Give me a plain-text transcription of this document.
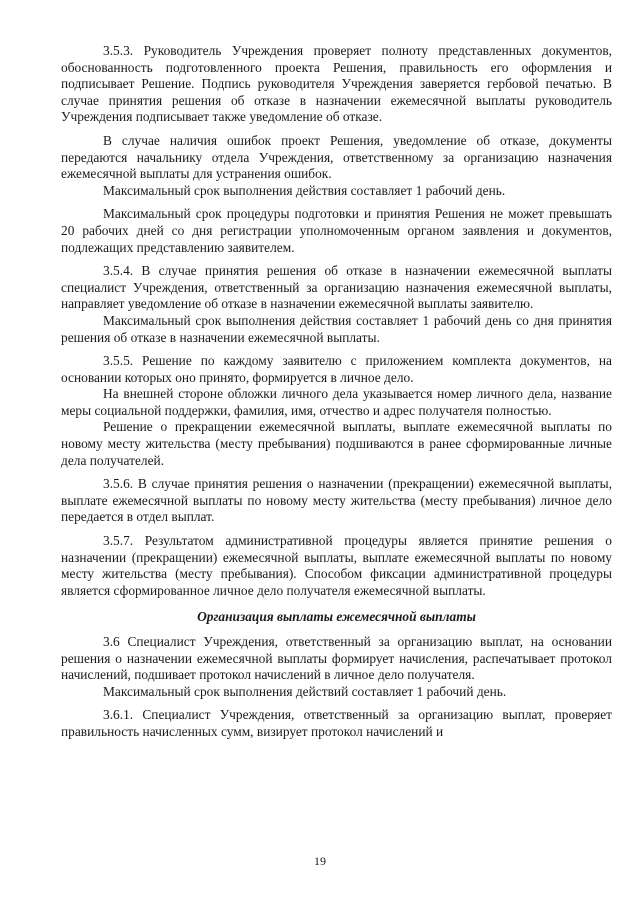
3.5.3. Руководитель Учреждения проверяет полноту представленных документов, обоснованность подготовленного проекта Решения, правильность его оформления и подписывает Решение. Подпись руководителя Учреждения заверяется гербовой печатью. В случае принятия решения об отказе в назначении ежемесячной выплаты руководитель Учреждения подписывает также уведомление об отказе.

В случае наличия ошибок проект Решения, уведомление об отказе, документы передаются начальнику отдела Учреждения, ответственному за организацию назначения ежемесячной выплаты для устранения ошибок.

Максимальный срок выполнения действия составляет 1 рабочий день.

Максимальный срок процедуры подготовки и принятия Решения не может превышать 20 рабочих дней со дня регистрации уполномоченным органом заявления и документов, подлежащих представлению заявителем.

3.5.4. В случае принятия решения об отказе в назначении ежемесячной выплаты специалист Учреждения, ответственный за организацию назначения ежемесячной выплаты, направляет уведомление об отказе в назначении ежемесячной выплаты заявителю.

Максимальный срок выполнения действия составляет 1 рабочий день со дня принятия решения об отказе в назначении ежемесячной выплаты.

3.5.5. Решение по каждому заявителю с приложением комплекта документов, на основании которых оно принято, формируется в личное дело.

На внешней стороне обложки личного дела указывается номер личного дела, название меры социальной поддержки, фамилия, имя, отчество и адрес получателя полностью.

Решение о прекращении ежемесячной выплаты, выплате ежемесячной выплаты по новому месту жительства (месту пребывания) подшиваются в ранее сформированные личные дела получателей.

3.5.6. В случае принятия решения о назначении (прекращении) ежемесячной выплаты, выплате ежемесячной выплаты по новому месту жительства (месту пребывания) личное дело передается в отдел выплат.

3.5.7. Результатом административной процедуры является принятие решения о назначении (прекращении) ежемесячной выплаты, выплате ежемесячной выплаты по новому месту жительства (месту пребывания). Способом фиксации административной процедуры является сформированное личное дело получателя ежемесячной выплаты.

Организация выплаты ежемесячной выплаты

3.6 Специалист Учреждения, ответственный за организацию выплат, на основании решения о назначении ежемесячной выплаты формирует начисления, распечатывает протокол начислений, подшивает протокол начислений в личное дело получателя.

Максимальный срок выполнения действий составляет 1 рабочий день.

3.6.1. Специалист Учреждения, ответственный за организацию выплат, проверяет правильность начисленных сумм, визирует протокол начислений и

19
